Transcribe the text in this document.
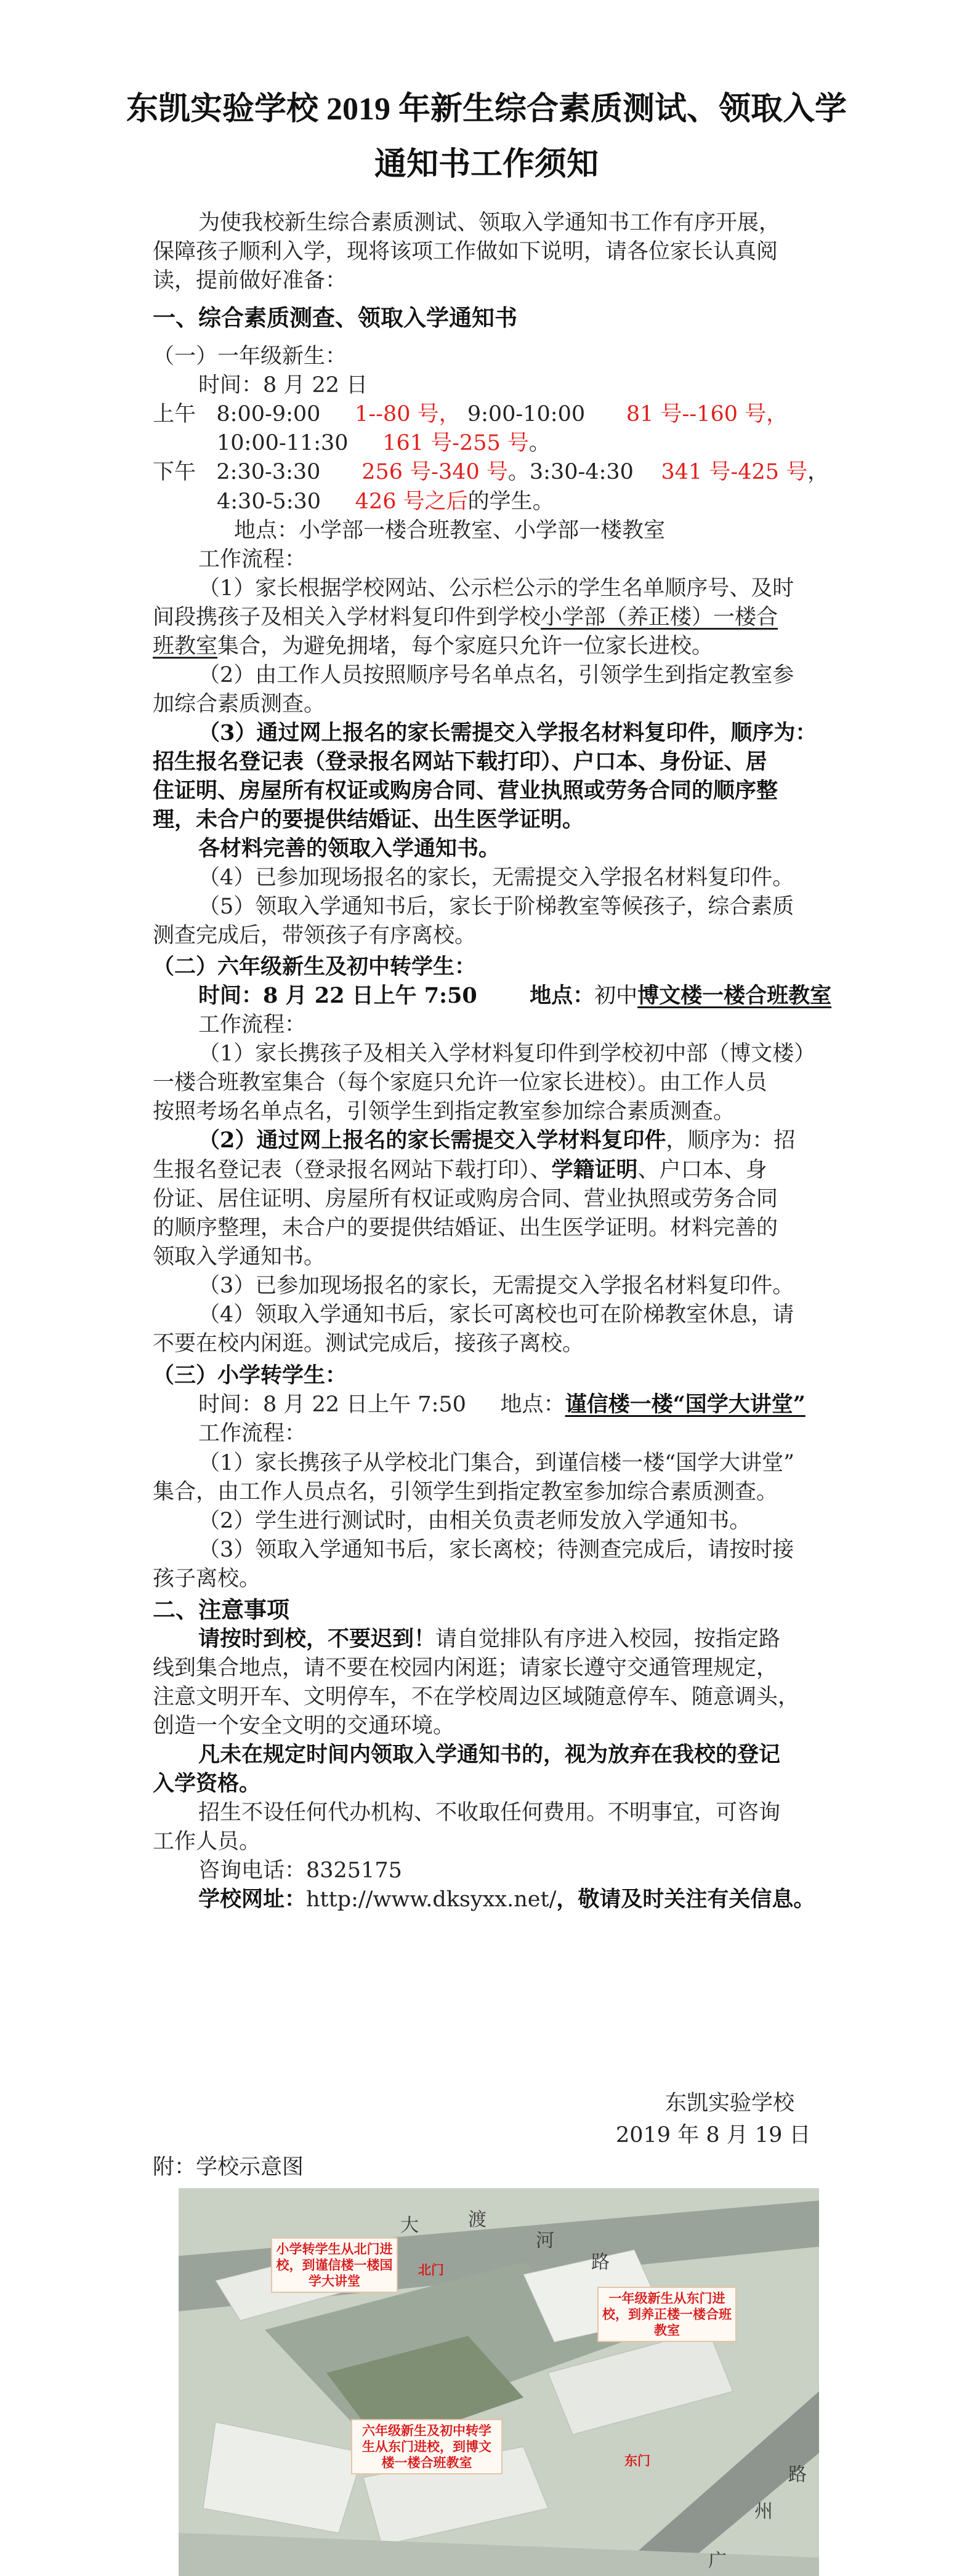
东凯实验学校 2019 年新生综合素质测试、领取入学
通知书工作须知
为使我校新生综合素质测试、领取入学通知书工作有序开展，
保障孩子顺利入学，现将该项工作做如下说明，请各位家长认真阅
读，提前做好准备：
一、综合素质测查、领取入学通知书
（一）一年级新生：
时间：8 月 22 日
上午 8:00-9:00 1--80 号， 9:00-10:00 81 号--160 号，
10:00-11:30 161 号-255 号。
下午 2:30-3:30 256 号-340 号。3:30-4:30 341 号-425 号，
4:30-5:30 426 号之后的学生。
地点：小学部一楼合班教室、小学部一楼教室
工作流程：
（1）家长根据学校网站、公示栏公示的学生名单顺序号、及时
间段携孩子及相关入学材料复印件到学校小学部（养正楼）一楼合
班教室集合，为避免拥堵，每个家庭只允许一位家长进校。
（2）由工作人员按照顺序号名单点名，引领学生到指定教室参
加综合素质测查。
（3）通过网上报名的家长需提交入学报名材料复印件，顺序为：
招生报名登记表（登录报名网站下载打印）、户口本、身份证、居
住证明、房屋所有权证或购房合同、营业执照或劳务合同的顺序整
理，未合户的要提供结婚证、出生医学证明。
各材料完善的领取入学通知书。
（4）已参加现场报名的家长，无需提交入学报名材料复印件。
（5）领取入学通知书后，家长于阶梯教室等候孩子，综合素质
测查完成后，带领孩子有序离校。
（二）六年级新生及初中转学生：
时间：8 月 22 日上午 7:50 地点：初中博文楼一楼合班教室
工作流程：
（1）家长携孩子及相关入学材料复印件到学校初中部（博文楼）
一楼合班教室集合（每个家庭只允许一位家长进校）。由工作人员
按照考场名单点名，引领学生到指定教室参加综合素质测查。
（2）通过网上报名的家长需提交入学材料复印件，顺序为：招
生报名登记表（登录报名网站下载打印）、学籍证明、户口本、身
份证、居住证明、房屋所有权证或购房合同、营业执照或劳务合同
的顺序整理，未合户的要提供结婚证、出生医学证明。材料完善的
领取入学通知书。
（3）已参加现场报名的家长，无需提交入学报名材料复印件。
（4）领取入学通知书后，家长可离校也可在阶梯教室休息，请
不要在校内闲逛。测试完成后，接孩子离校。
（三）小学转学生：
时间：8 月 22 日上午 7:50 地点：谨信楼一楼“国学大讲堂”
工作流程：
（1）家长携孩子从学校北门集合，到谨信楼一楼“国学大讲堂”
集合，由工作人员点名，引领学生到指定教室参加综合素质测查。
（2）学生进行测试时，由相关负责老师发放入学通知书。
（3）领取入学通知书后，家长离校；待测查完成后，请按时接
孩子离校。
二、注意事项
请按时到校，不要迟到！请自觉排队有序进入校园，按指定路
线到集合地点，请不要在校园内闲逛；请家长遵守交通管理规定，
注意文明开车、文明停车，不在学校周边区域随意停车、随意调头，
创造一个安全文明的交通环境。
凡未在规定时间内领取入学通知书的，视为放弃在我校的登记
入学资格。
招生不设任何代办机构、不收取任何费用。不明事宜，可咨询
工作人员。
咨询电话：8325175
学校网址：http://www.dksyxx.net/，敬请及时关注有关信息。
东凯实验学校
2019 年 8 月 19 日
附：学校示意图
小学转学生从北门进校，到谨信楼一楼国学大讲堂
北门
一年级新生从东门进校，到养正楼一楼合班教室
六年级新生及初中转学生从东门进校，到博文楼一楼合班教室	东门
大	渡
河
路
广
州
路
